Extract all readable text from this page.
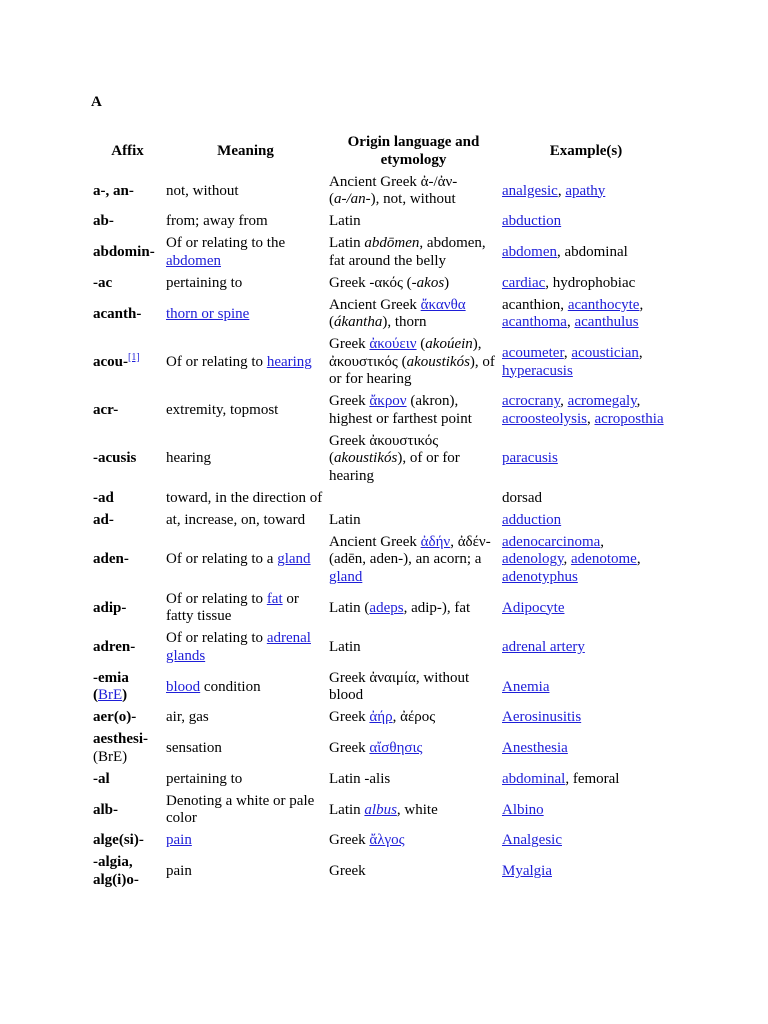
A
Affix	Meaning	Origin language and etymology	Example(s)
a-, an-	not, without	Ancient Greek ἀ-/ἀν- (a-/an-), not, without	analgesic, apathy
ab-	from; away from	Latin	abduction
abdomin-	Of or relating to the abdomen	Latin abdōmen, abdomen, fat around the belly	abdomen, abdominal
-ac	pertaining to	Greek -ακός (-akos)	cardiac, hydrophobiac
acanth-	thorn or spine	Ancient Greek ἄκανθα (ákantha), thorn	acanthion, acanthocyte, acanthoma, acanthulus
acou-[1]	Of or relating to hearing	Greek ἀκούειν (akoúein), ἀκουστικός (akoustikós), of or for hearing	acoumeter, acoustician, hyperacusis
acr-	extremity, topmost	Greek ἄκρον (akron), highest or farthest point	acrocrany, acromegaly, acroosteolysis, acroposthia
-acusis	hearing	Greek ἀκουστικός (akoustikós), of or for hearing	paracusis
-ad	toward, in the direction of		dorsad
ad-	at, increase, on, toward	Latin	adduction
aden-	Of or relating to a gland	Ancient Greek ἀδήν, ἀδέν- (adēn, aden-), an acorn; a gland	adenocarcinoma, adenology, adenotome, adenotyphus
adip-	Of or relating to fat or fatty tissue	Latin (adeps, adip-), fat	Adipocyte
adren-	Of or relating to adrenal glands	Latin	adrenal artery
-emia (BrE)	blood condition	Greek ἀναιμία, without blood	Anemia
aer(o)-	air, gas	Greek ἀήρ, ἀέρος	Aerosinusitis
aesthesi- (BrE)	sensation	Greek αἴσθησις	Anesthesia
-al	pertaining to	Latin -alis	abdominal, femoral
alb-	Denoting a white or pale color	Latin albus, white	Albino
alge(si)-	pain	Greek ἄλγος	Analgesic
-algia, alg(i)o-	pain	Greek	Myalgia
